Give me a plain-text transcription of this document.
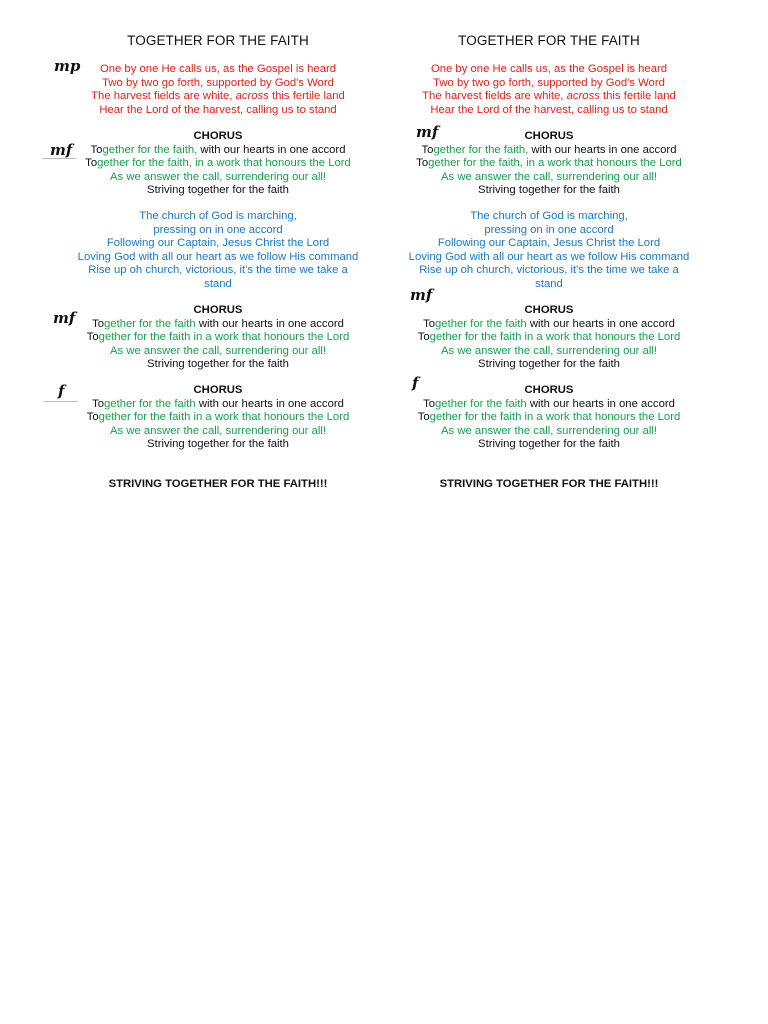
TOGETHER FOR THE FAITH
One by one He calls us, as the Gospel is heard
Two by two go forth, supported by God's Word
The harvest fields are white, across this fertile land
Hear the Lord of the harvest, calling us to stand
CHORUS
Together for the faith, with our hearts in one accord
Together for the faith, in a work that honours the Lord
As we answer the call, surrendering our all!
Striving together for the faith
The church of God is marching,
pressing on in one accord
Following our Captain, Jesus Christ the Lord
Loving God with all our heart as we follow His command
Rise up oh church, victorious, it's the time we take a
stand
CHORUS
Together for the faith with our hearts in one accord
Together for the faith in a work that honours the Lord
As we answer the call, surrendering our all!
Striving together for the faith
CHORUS
Together for the faith with our hearts in one accord
Together for the faith in a work that honours the Lord
As we answer the call, surrendering our all!
Striving together for the faith
STRIVING TOGETHER FOR THE FAITH!!!
mp
mf
mf
f
TOGETHER FOR THE FAITH
One by one He calls us, as the Gospel is heard
Two by two go forth, supported by God's Word
The harvest fields are white, across this fertile land
Hear the Lord of the harvest, calling us to stand
CHORUS
Together for the faith, with our hearts in one accord
Together for the faith, in a work that honours the Lord
As we answer the call, surrendering our all!
Striving together for the faith
The church of God is marching,
pressing on in one accord
Following our Captain, Jesus Christ the Lord
Loving God with all our heart as we follow His command
Rise up oh church, victorious, it's the time we take a
stand
CHORUS
Together for the faith with our hearts in one accord
Together for the faith in a work that honours the Lord
As we answer the call, surrendering our all!
Striving together for the faith
CHORUS
Together for the faith with our hearts in one accord
Together for the faith in a work that honours the Lord
As we answer the call, surrendering our all!
Striving together for the faith
STRIVING TOGETHER FOR THE FAITH!!!
mf
mf
f
